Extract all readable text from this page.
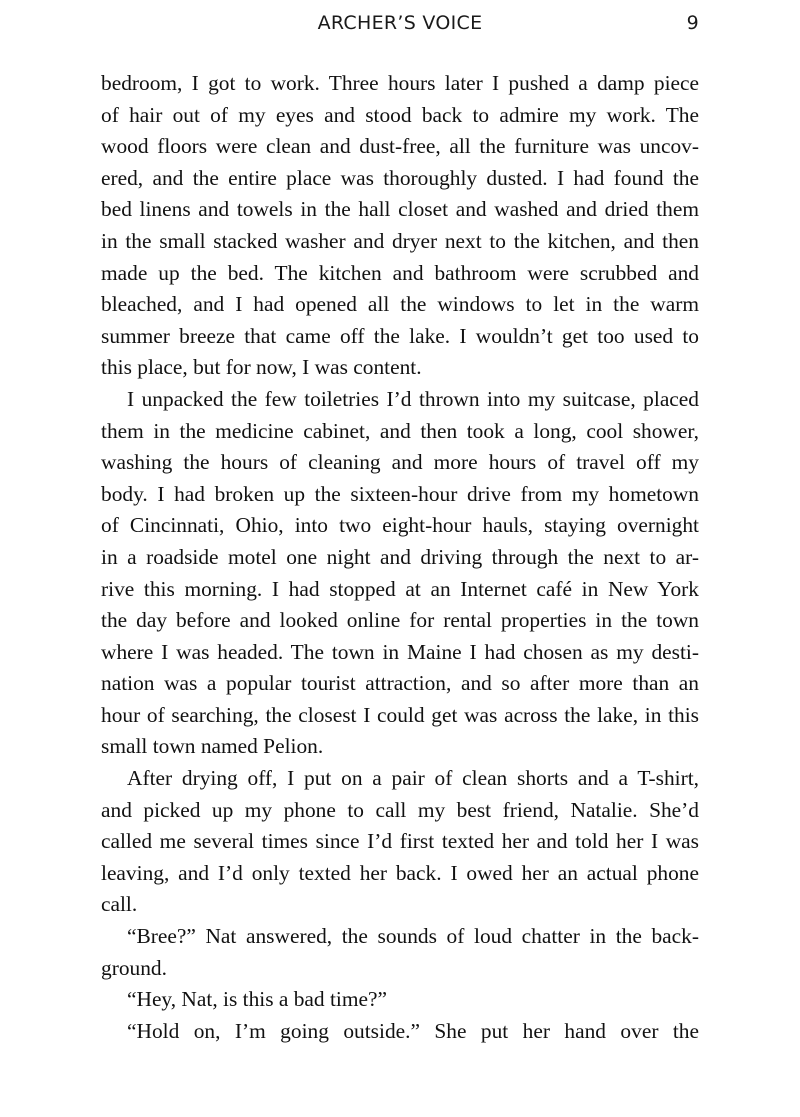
ARCHER’S VOICE	9

bedroom, I got to work. Three hours later I pushed a damp piece
of hair out of my eyes and stood back to admire my work. The
wood floors were clean and dust-free, all the furniture was uncov-
ered, and the entire place was thoroughly dusted. I had found the
bed linens and towels in the hall closet and washed and dried them
in the small stacked washer and dryer next to the kitchen, and then
made up the bed. The kitchen and bathroom were scrubbed and
bleached, and I had opened all the windows to let in the warm
summer breeze that came off the lake. I wouldn’t get too used to
this place, but for now, I was content.

I unpacked the few toiletries I’d thrown into my suitcase, placed
them in the medicine cabinet, and then took a long, cool shower,
washing the hours of cleaning and more hours of travel off my
body. I had broken up the sixteen-hour drive from my hometown
of Cincinnati, Ohio, into two eight-hour hauls, staying overnight
in a roadside motel one night and driving through the next to ar-
rive this morning. I had stopped at an Internet café in New York
the day before and looked online for rental properties in the town
where I was headed. The town in Maine I had chosen as my desti-
nation was a popular tourist attraction, and so after more than an
hour of searching, the closest I could get was across the lake, in this
small town named Pelion.

After drying off, I put on a pair of clean shorts and a T-shirt,
and picked up my phone to call my best friend, Natalie. She’d
called me several times since I’d first texted her and told her I was
leaving, and I’d only texted her back. I owed her an actual phone
call.

“Bree?” Nat answered, the sounds of loud chatter in the back-
ground.

“Hey, Nat, is this a bad time?”

“Hold on, I’m going outside.” She put her hand over the
